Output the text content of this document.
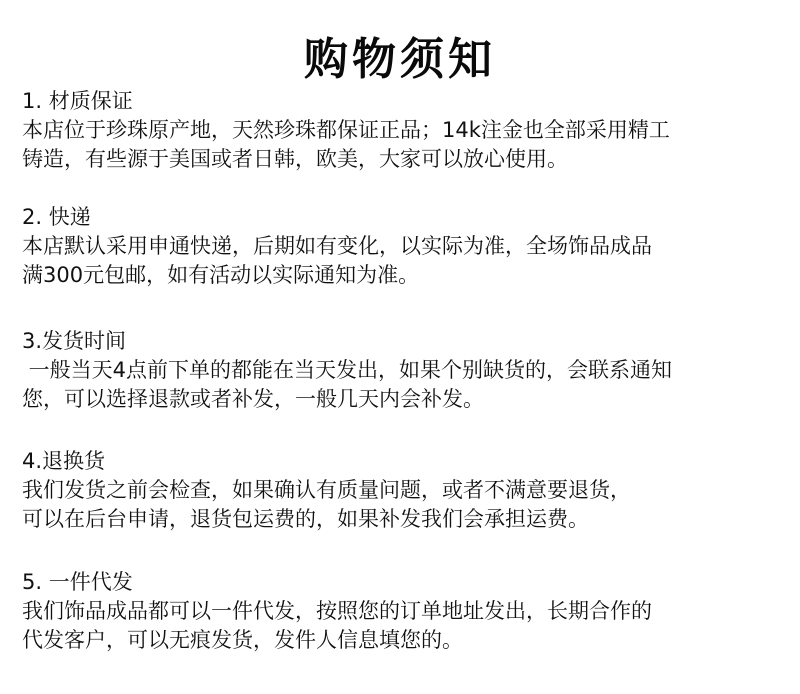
购物须知
1. 材质保证
本店位于珍珠原产地，天然珍珠都保证正品；14k注金也全部采用精工
铸造，有些源于美国或者日韩，欧美，大家可以放心使用。
2. 快递
本店默认采用申通快递，后期如有变化，以实际为准，全场饰品成品
满300元包邮，如有活动以实际通知为准。
3.发货时间
一般当天4点前下单的都能在当天发出，如果个别缺货的，会联系通知
您，可以选择退款或者补发，一般几天内会补发。
4.退换货
我们发货之前会检查，如果确认有质量问题，或者不满意要退货，
可以在后台申请，退货包运费的，如果补发我们会承担运费。
5. 一件代发
我们饰品成品都可以一件代发，按照您的订单地址发出，长期合作的
代发客户，可以无痕发货，发件人信息填您的。
